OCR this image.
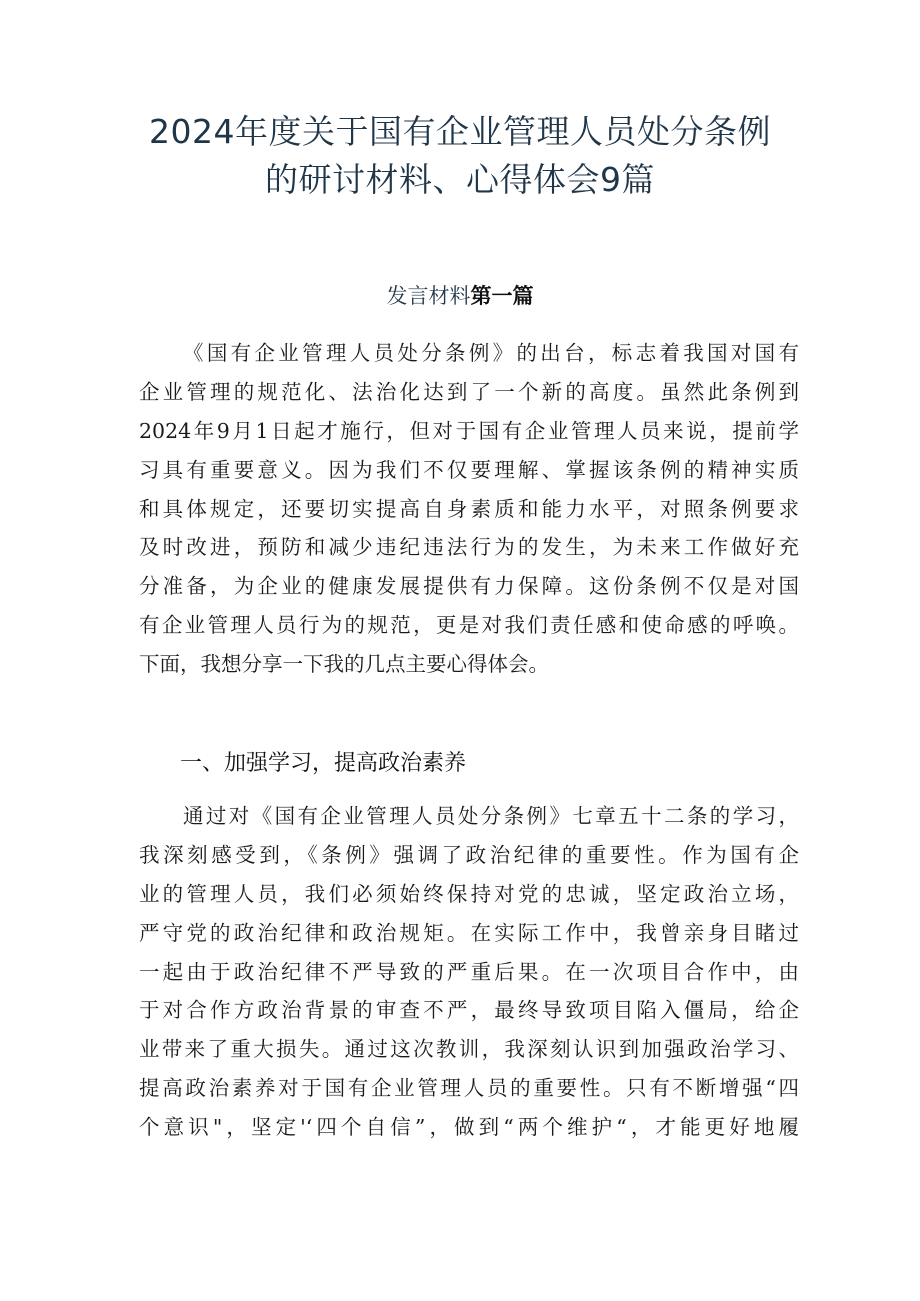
2024年度关于国有企业管理人员处分条例
的研讨材料、心得体会9篇
发言材料第一篇
《国有企业管理人员处分条例》的出台，标志着我国对国有
企业管理的规范化、法治化达到了一个新的高度。虽然此条例到
2024年9月1日起才施行，但对于国有企业管理人员来说，提前学
习具有重要意义。因为我们不仅要理解、掌握该条例的精神实质
和具体规定，还要切实提高自身素质和能力水平，对照条例要求
及时改进，预防和减少违纪违法行为的发生，为未来工作做好充
分准备，为企业的健康发展提供有力保障。这份条例不仅是对国
有企业管理人员行为的规范，更是对我们责任感和使命感的呼唤。
下面，我想分享一下我的几点主要心得体会。
一、加强学习，提高政治素养
通过对《国有企业管理人员处分条例》七章五十二条的学习，
我深刻感受到，《条例》强调了政治纪律的重要性。作为国有企
业的管理人员，我们必须始终保持对党的忠诚，坚定政治立场，
严守党的政治纪律和政治规矩。在实际工作中，我曾亲身目睹过
一起由于政治纪律不严导致的严重后果。在一次项目合作中，由
于对合作方政治背景的审查不严，最终导致项目陷入僵局，给企
业带来了重大损失。通过这次教训，我深刻认识到加强政治学习、
提高政治素养对于国有企业管理人员的重要性。只有不断增强“四
个意识"，坚定'‘四个自信”，做到“两个维护“，才能更好地履
